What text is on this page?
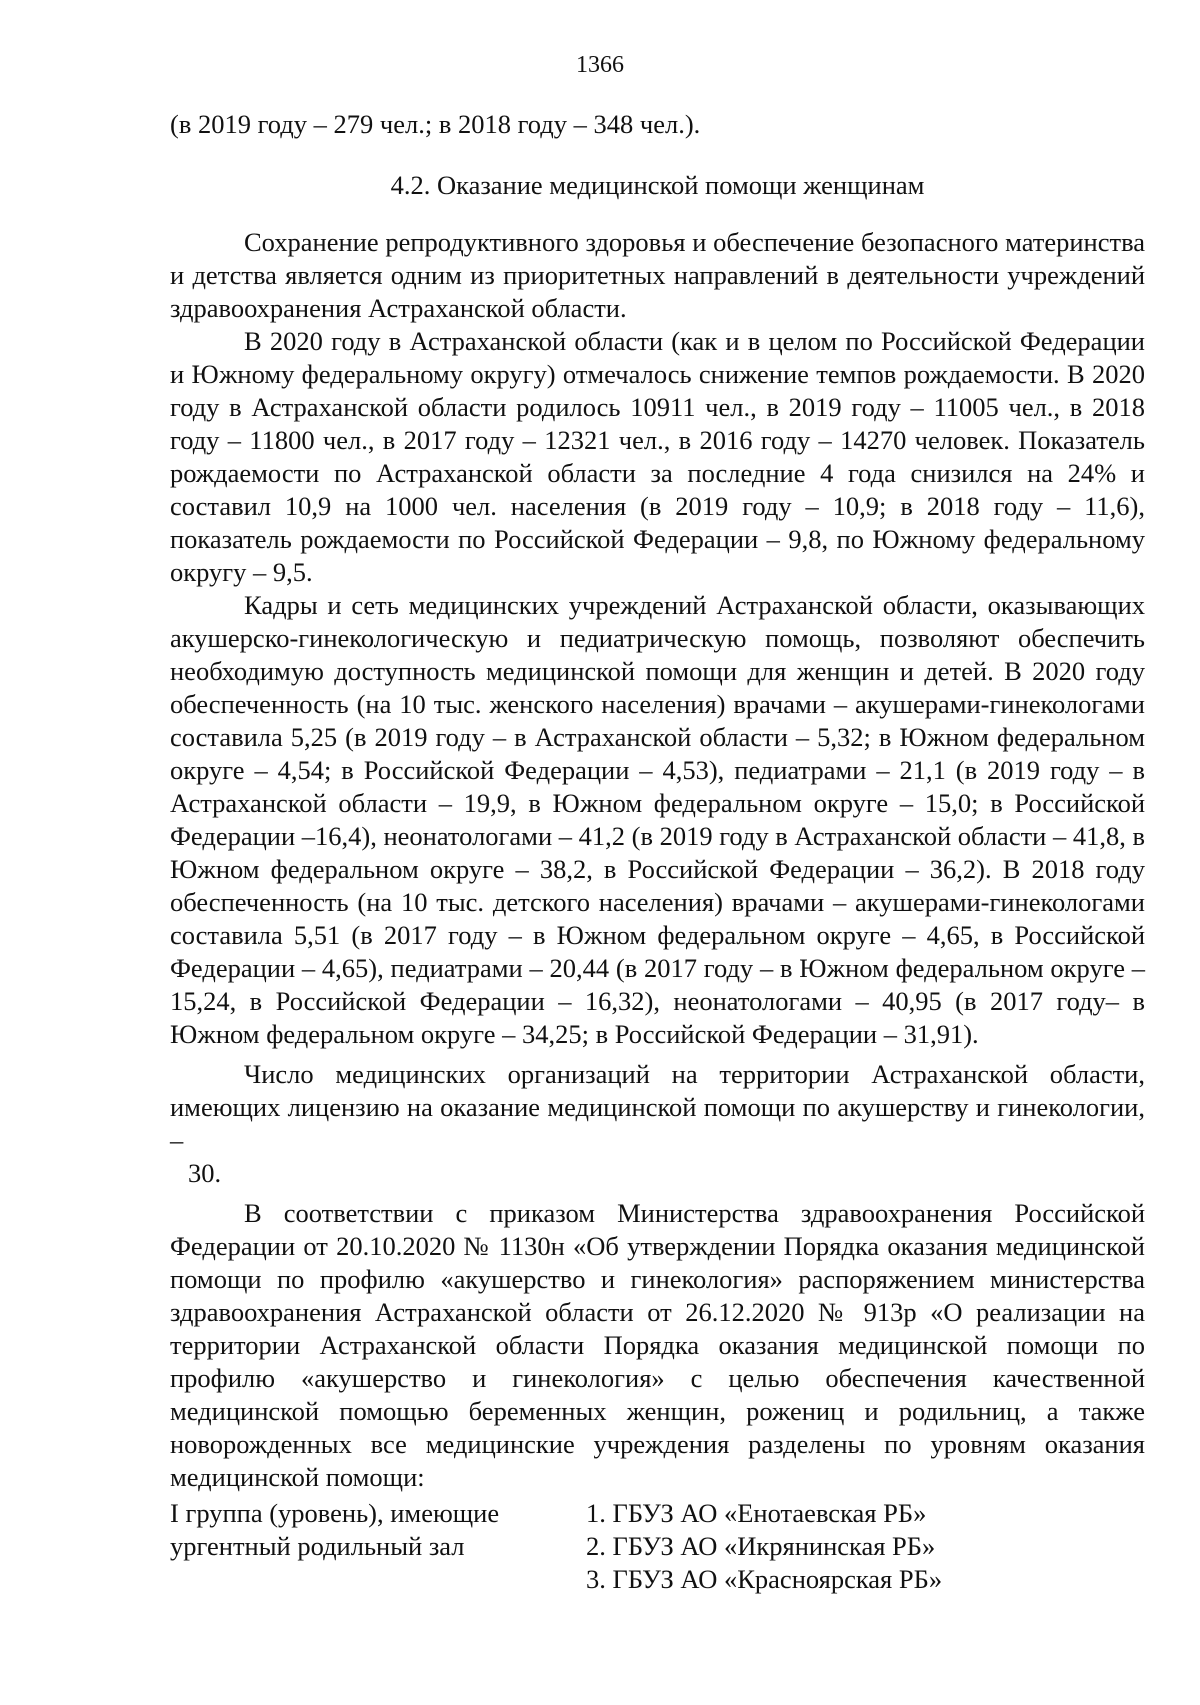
1366

(в 2019 году – 279 чел.; в 2018 году – 348 чел.).

4.2. Оказание медицинской помощи женщинам

Сохранение репродуктивного здоровья и обеспечение безопасного материнства и детства является одним из приоритетных направлений в деятельности учреждений здравоохранения Астраханской области.

В 2020 году в Астраханской области (как и в целом по Российской Федерации и Южному федеральному округу) отмечалось снижение темпов рождаемости. В 2020 году в Астраханской области родилось 10911 чел., в 2019 году – 11005 чел., в 2018 году – 11800 чел., в 2017 году – 12321 чел., в 2016 году – 14270 человек. Показатель рождаемости по Астраханской области за последние 4 года снизился на 24% и составил 10,9 на 1000 чел. населения (в 2019 году – 10,9; в 2018 году – 11,6), показатель рождаемости по Российской Федерации – 9,8, по Южному федеральному округу – 9,5.

Кадры и сеть медицинских учреждений Астраханской области, оказывающих акушерско-гинекологическую и педиатрическую помощь, позволяют обеспечить необходимую доступность медицинской помощи для женщин и детей. В 2020 году обеспеченность (на 10 тыс. женского населения) врачами – акушерами-гинекологами составила 5,25 (в 2019 году – в Астраханской области – 5,32; в Южном федеральном округе – 4,54; в Российской Федерации – 4,53), педиатрами – 21,1 (в 2019 году – в Астраханской области – 19,9, в Южном федеральном округе – 15,0; в Российской Федерации –16,4), неонатологами – 41,2 (в 2019 году в Астраханской области – 41,8, в Южном федеральном округе – 38,2, в Российской Федерации – 36,2). В 2018 году обеспеченность (на 10 тыс. детского населения) врачами – акушерами-гинекологами составила 5,51 (в 2017 году – в Южном федеральном округе – 4,65, в Российской Федерации – 4,65), педиатрами – 20,44 (в 2017 году – в Южном федеральном округе – 15,24, в Российской Федерации – 16,32), неонатологами – 40,95 (в 2017 году– в Южном федеральном округе – 34,25; в Российской Федерации – 31,91).

Число медицинских организаций на территории Астраханской области, имеющих лицензию на оказание медицинской помощи по акушерству и гинекологии, –

30.

В соответствии с приказом Министерства здравоохранения Российской Федерации от 20.10.2020 № 1130н «Об утверждении Порядка оказания медицинской помощи по профилю «акушерство и гинекология» распоряжением министерства здравоохранения Астраханской области от 26.12.2020 № 913р «О реализации на территории Астраханской области Порядка оказания медицинской помощи по профилю «акушерство и гинекология» с целью обеспечения качественной медицинской помощью беременных женщин, рожениц и родильниц, а также новорожденных все медицинские учреждения разделены по уровням оказания медицинской помощи:

I группа (уровень), имеющие
ургентный родильный зал
1. ГБУЗ АО «Енотаевская РБ»
2. ГБУЗ АО «Икрянинская РБ»
3. ГБУЗ АО «Красноярская РБ»
